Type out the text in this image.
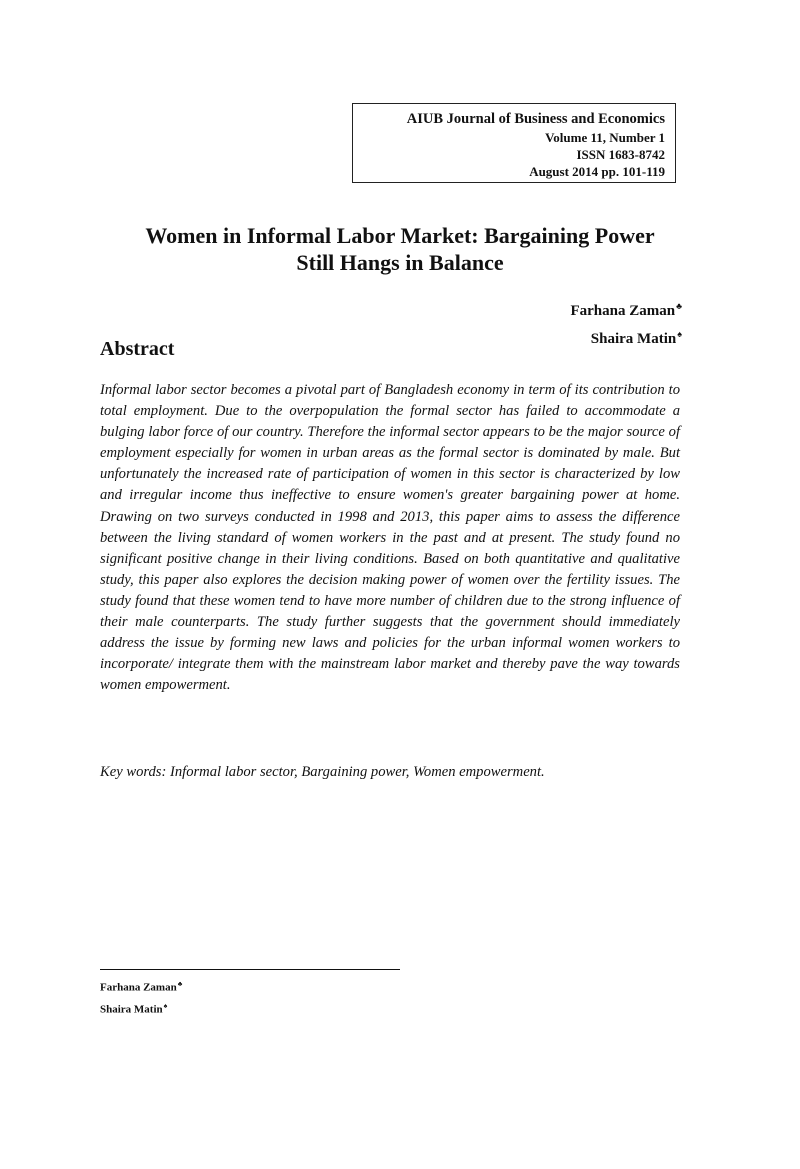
AIUB Journal of Business and Economics
Volume 11, Number 1
ISSN 1683-8742
August 2014 pp. 101-119
Women in Informal Labor Market: Bargaining Power
Still Hangs in Balance
Farhana Zaman♣
Shaira Matin♠
Abstract

Informal labor sector becomes a pivotal part of Bangladesh economy in term of its contribution to total employment. Due to the overpopulation the formal sector has failed to accommodate a bulging labor force of our country. Therefore the informal sector appears to be the major source of employment especially for women in urban areas as the formal sector is dominated by male. But unfortunately the increased rate of participation of women in this sector is characterized by low and irregular income thus ineffective to ensure women's greater bargaining power at home. Drawing on two surveys conducted in 1998 and 2013, this paper aims to assess the difference between the living standard of women workers in the past and at present. The study found no significant positive change in their living conditions. Based on both quantitative and qualitative study, this paper also explores the decision making power of women over the fertility issues. The study found that these women tend to have more number of children due to the strong influence of their male counterparts. The study further suggests that the government should immediately address the issue by forming new laws and policies for the urban informal women workers to incorporate/ integrate them with the mainstream labor market and thereby pave the way towards women empowerment.

Key words: Informal labor sector, Bargaining power, Women empowerment.
Farhana Zaman♣
Shaira Matin♠
